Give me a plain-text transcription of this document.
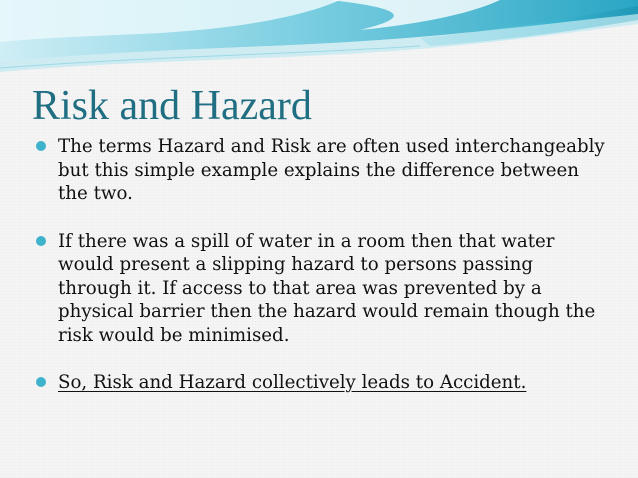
Risk and Hazard
The terms Hazard and Risk are often used interchangeably but this simple example explains the difference between the two.
If there was a spill of water in a room then that water would present a slipping hazard to persons passing through it. If access to that area was prevented by a physical barrier then the hazard would remain though the risk would be minimised.
So, Risk and Hazard collectively leads to Accident.
